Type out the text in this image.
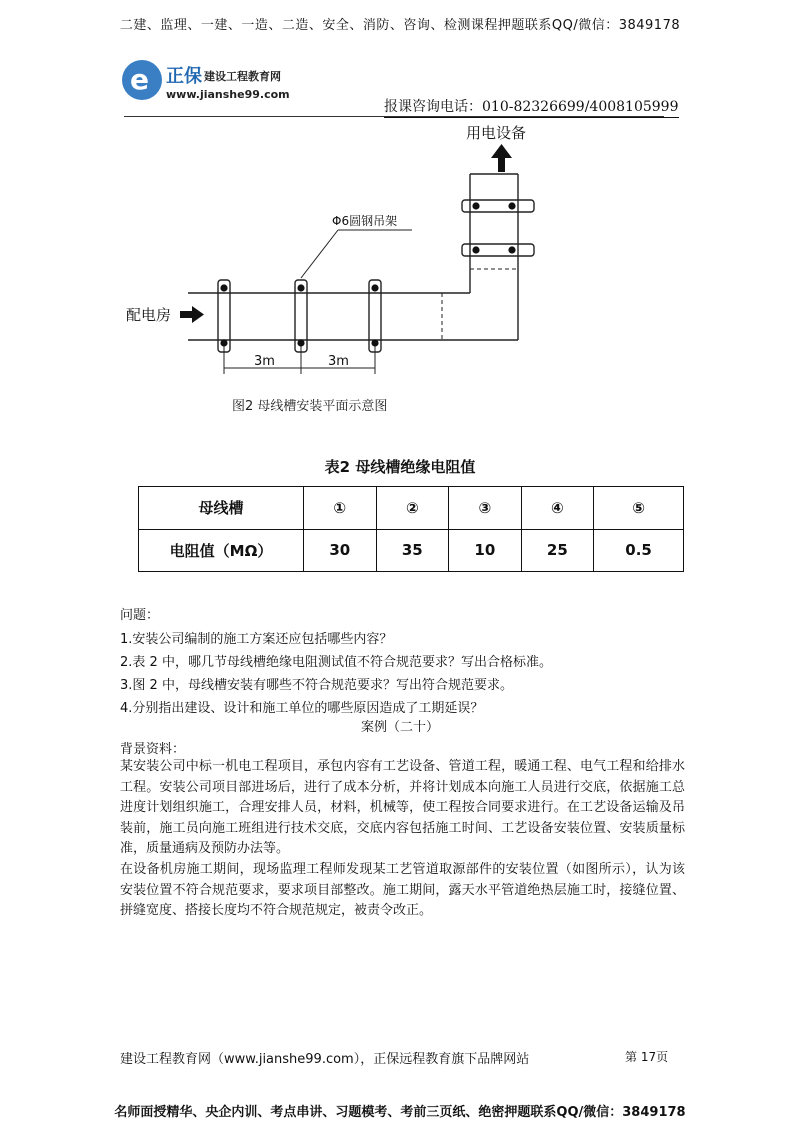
二建、监理、一建、一造、二造、安全、消防、咨询、检测课程押题联系QQ/微信：3849178
e 正保 建设工程教育网
www.jianshe99.com
报课咨询电话：010-82326699/4008105999
用电设备
Φ6圆钢吊架
配电房
3m	3m
图2 母线槽安装平面示意图
表2 母线槽绝缘电阻值
母线槽	①	②	③	④	⑤
电阻值（MΩ）	30	35	10	25	0.5
问题：
1.安装公司编制的施工方案还应包括哪些内容？
2.表 2 中，哪几节母线槽绝缘电阻测试值不符合规范要求？写出合格标准。
3.图 2 中，母线槽安装有哪些不符合规范要求？写出符合规范要求。
4.分别指出建设、设计和施工单位的哪些原因造成了工期延误？
案例（二十）
背景资料：
某安装公司中标一机电工程项目，承包内容有工艺设备、管道工程，暖通工程、电气工程和给排水工程。安装公司项目部进场后，进行了成本分析，并将计划成本向施工人员进行交底，依据施工总进度计划组织施工，合理安排人员，材料，机械等，使工程按合同要求进行。在工艺设备运输及吊装前，施工员向施工班组进行技术交底，交底内容包括施工时间、工艺设备安装位置、安装质量标准，质量通病及预防办法等。
在设备机房施工期间，现场监理工程师发现某工艺管道取源部件的安装位置（如图所示），认为该安装位置不符合规范要求，要求项目部整改。施工期间，露天水平管道绝热层施工时，接缝位置、拼缝宽度、搭接长度均不符合规范规定，被责令改正。
建设工程教育网（www.jianshe99.com），正保远程教育旗下品牌网站	第 17页
名师面授精华、央企内训、考点串讲、习题模考、考前三页纸、绝密押题联系QQ/微信：3849178
